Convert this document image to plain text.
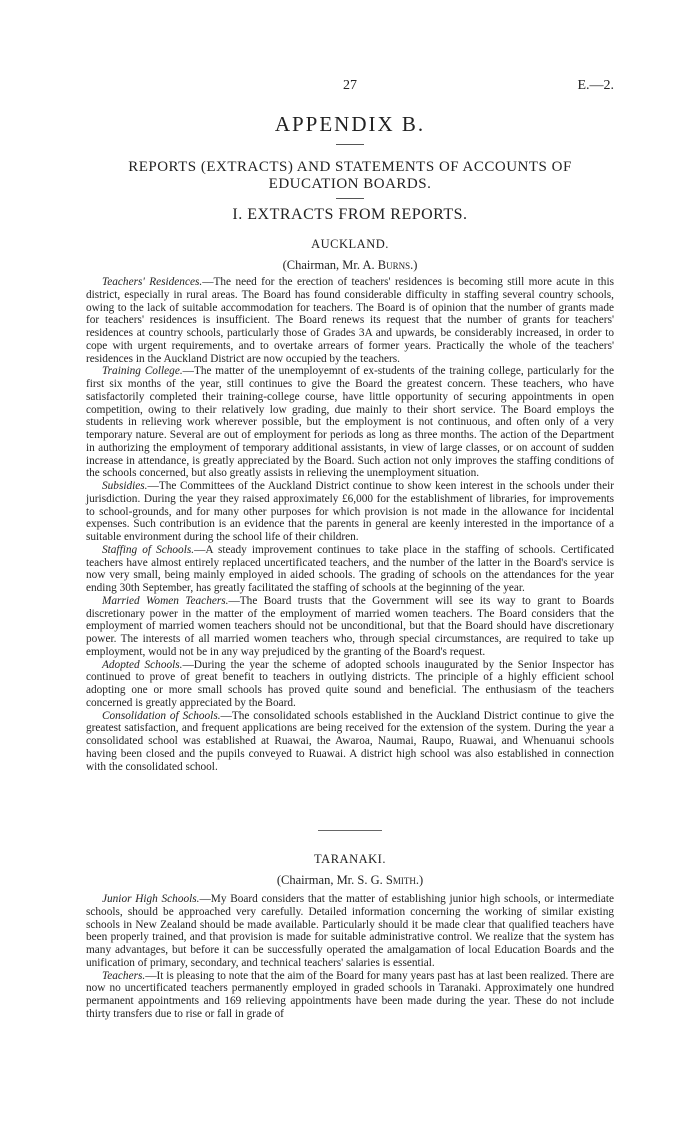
27	E.—2.
APPENDIX B.
REPORTS (EXTRACTS) AND STATEMENTS OF ACCOUNTS OF EDUCATION BOARDS.
I. EXTRACTS FROM REPORTS.
AUCKLAND.
(Chairman, Mr. A. Burns.)

Teachers' Residences.—The need for the erection of teachers' residences is becoming still more acute in this district, especially in rural areas. The Board has found considerable difficulty in staffing several country schools, owing to the lack of suitable accommodation for teachers. The Board is of opinion that the number of grants made for teachers' residences is insufficient. The Board renews its request that the number of grants for teachers' residences at country schools, particularly those of Grades 3A and upwards, be considerably increased, in order to cope with urgent requirements, and to overtake arrears of former years. Practically the whole of the teachers' residences in the Auckland District are now occupied by the teachers.

Training College.—The matter of the unemployemnt of ex-students of the training college, particularly for the first six months of the year, still continues to give the Board the greatest concern. These teachers, who have satisfactorily completed their training-college course, have little opportunity of securing appointments in open competition, owing to their relatively low grading, due mainly to their short service. The Board employs the students in relieving work wherever possible, but the employment is not continuous, and often only of a very temporary nature. Several are out of employment for periods as long as three months. The action of the Department in authorizing the employment of temporary additional assistants, in view of large classes, or on account of sudden increase in attendance, is greatly appreciated by the Board. Such action not only improves the staffing conditions of the schools concerned, but also greatly assists in relieving the unemployment situation.

Subsidies.—The Committees of the Auckland District continue to show keen interest in the schools under their jurisdiction. During the year they raised approximately £6,000 for the establishment of libraries, for improvements to school-grounds, and for many other purposes for which provision is not made in the allowance for incidental expenses. Such contribution is an evidence that the parents in general are keenly interested in the importance of a suitable environment during the school life of their children.

Staffing of Schools.—A steady improvement continues to take place in the staffing of schools. Certificated teachers have almost entirely replaced uncertificated teachers, and the number of the latter in the Board's service is now very small, being mainly employed in aided schools. The grading of schools on the attendances for the year ending 30th September, has greatly facilitated the staffing of schools at the beginning of the year.

Married Women Teachers.—The Board trusts that the Government will see its way to grant to Boards discretionary power in the matter of the employment of married women teachers. The Board considers that the employment of married women teachers should not be unconditional, but that the Board should have discretionary power. The interests of all married women teachers who, through special circumstances, are required to take up employment, would not be in any way prejudiced by the granting of the Board's request.

Adopted Schools.—During the year the scheme of adopted schools inaugurated by the Senior Inspector has continued to prove of great benefit to teachers in outlying districts. The principle of a highly efficient school adopting one or more small schools has proved quite sound and beneficial. The enthusiasm of the teachers concerned is greatly appreciated by the Board.

Consolidation of Schools.—The consolidated schools established in the Auckland District continue to give the greatest satisfaction, and frequent applications are being received for the extension of the system. During the year a consolidated school was established at Ruawai, the Awaroa, Naumai, Raupo, Ruawai, and Whenuanui schools having been closed and the pupils conveyed to Ruawai. A district high school was also established in connection with the consolidated school.

TARANAKI.
(Chairman, Mr. S. G. Smith.)

Junior High Schools.—My Board considers that the matter of establishing junior high schools, or intermediate schools, should be approached very carefully. Detailed information concerning the working of similar existing schools in New Zealand should be made available. Particularly should it be made clear that qualified teachers have been properly trained, and that provision is made for suitable administrative control. We realize that the system has many advantages, but before it can be successfully operated the amalgamation of local Education Boards and the unification of primary, secondary, and technical teachers' salaries is essential.

Teachers.—It is pleasing to note that the aim of the Board for many years past has at last been realized. There are now no uncertificated teachers permanently employed in graded schools in Taranaki. Approximately one hundred permanent appointments and 169 relieving appointments have been made during the year. These do not include thirty transfers due to rise or fall in grade of
